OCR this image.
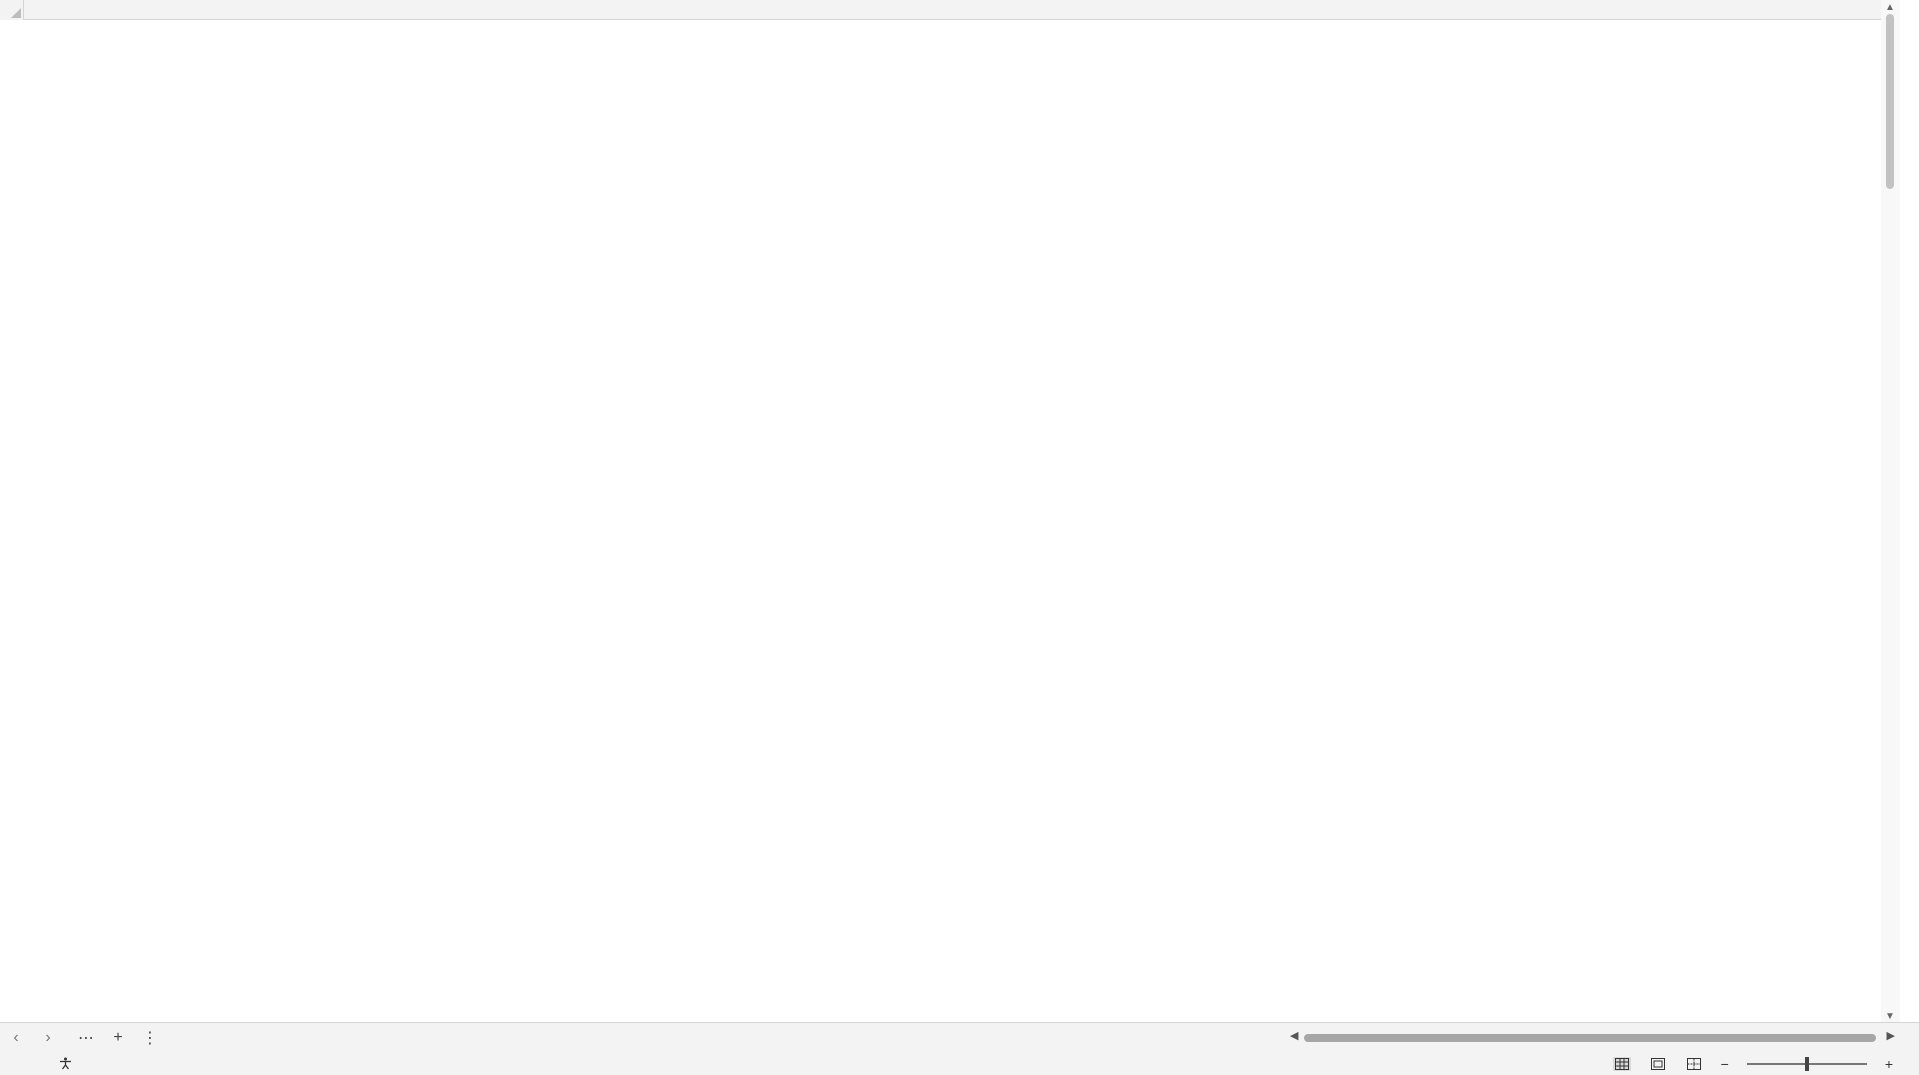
▲
▼
‹	›	⋯	+	⋮	◀	▶
−	+
